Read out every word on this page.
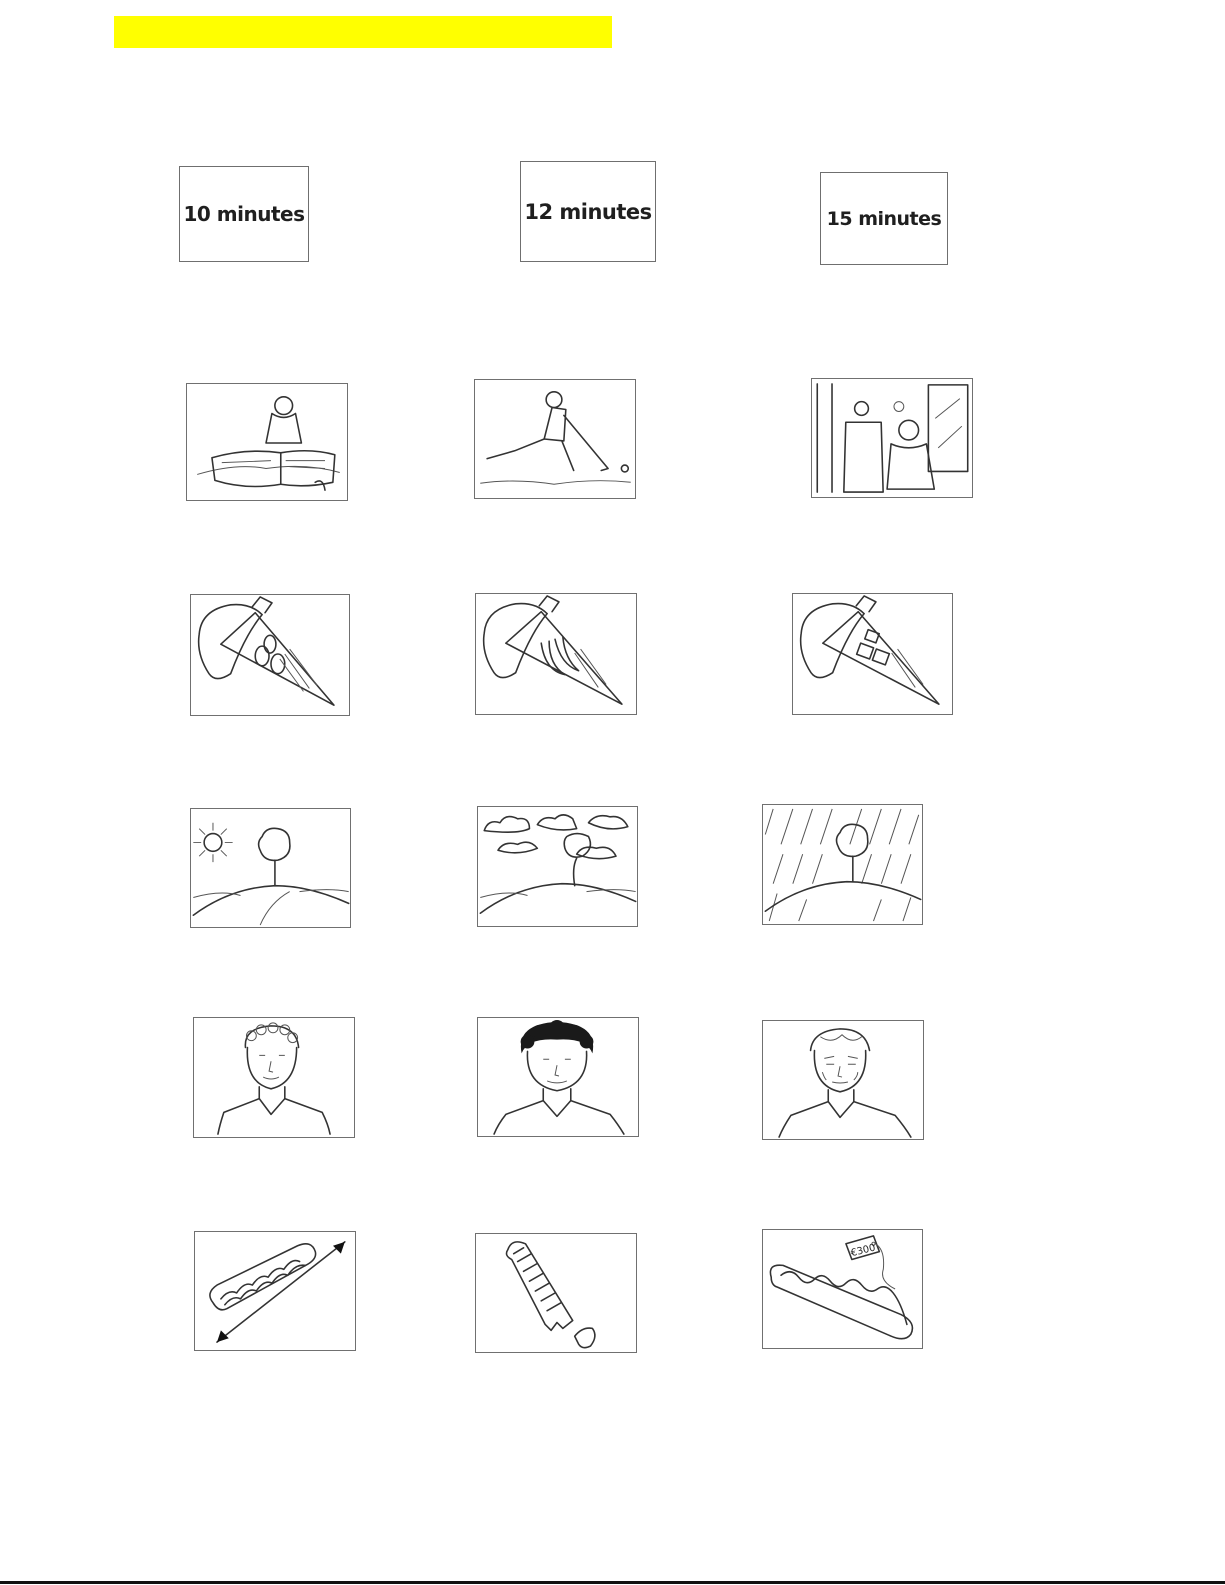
10 minutes	12 minutes	15 minutes
€300
